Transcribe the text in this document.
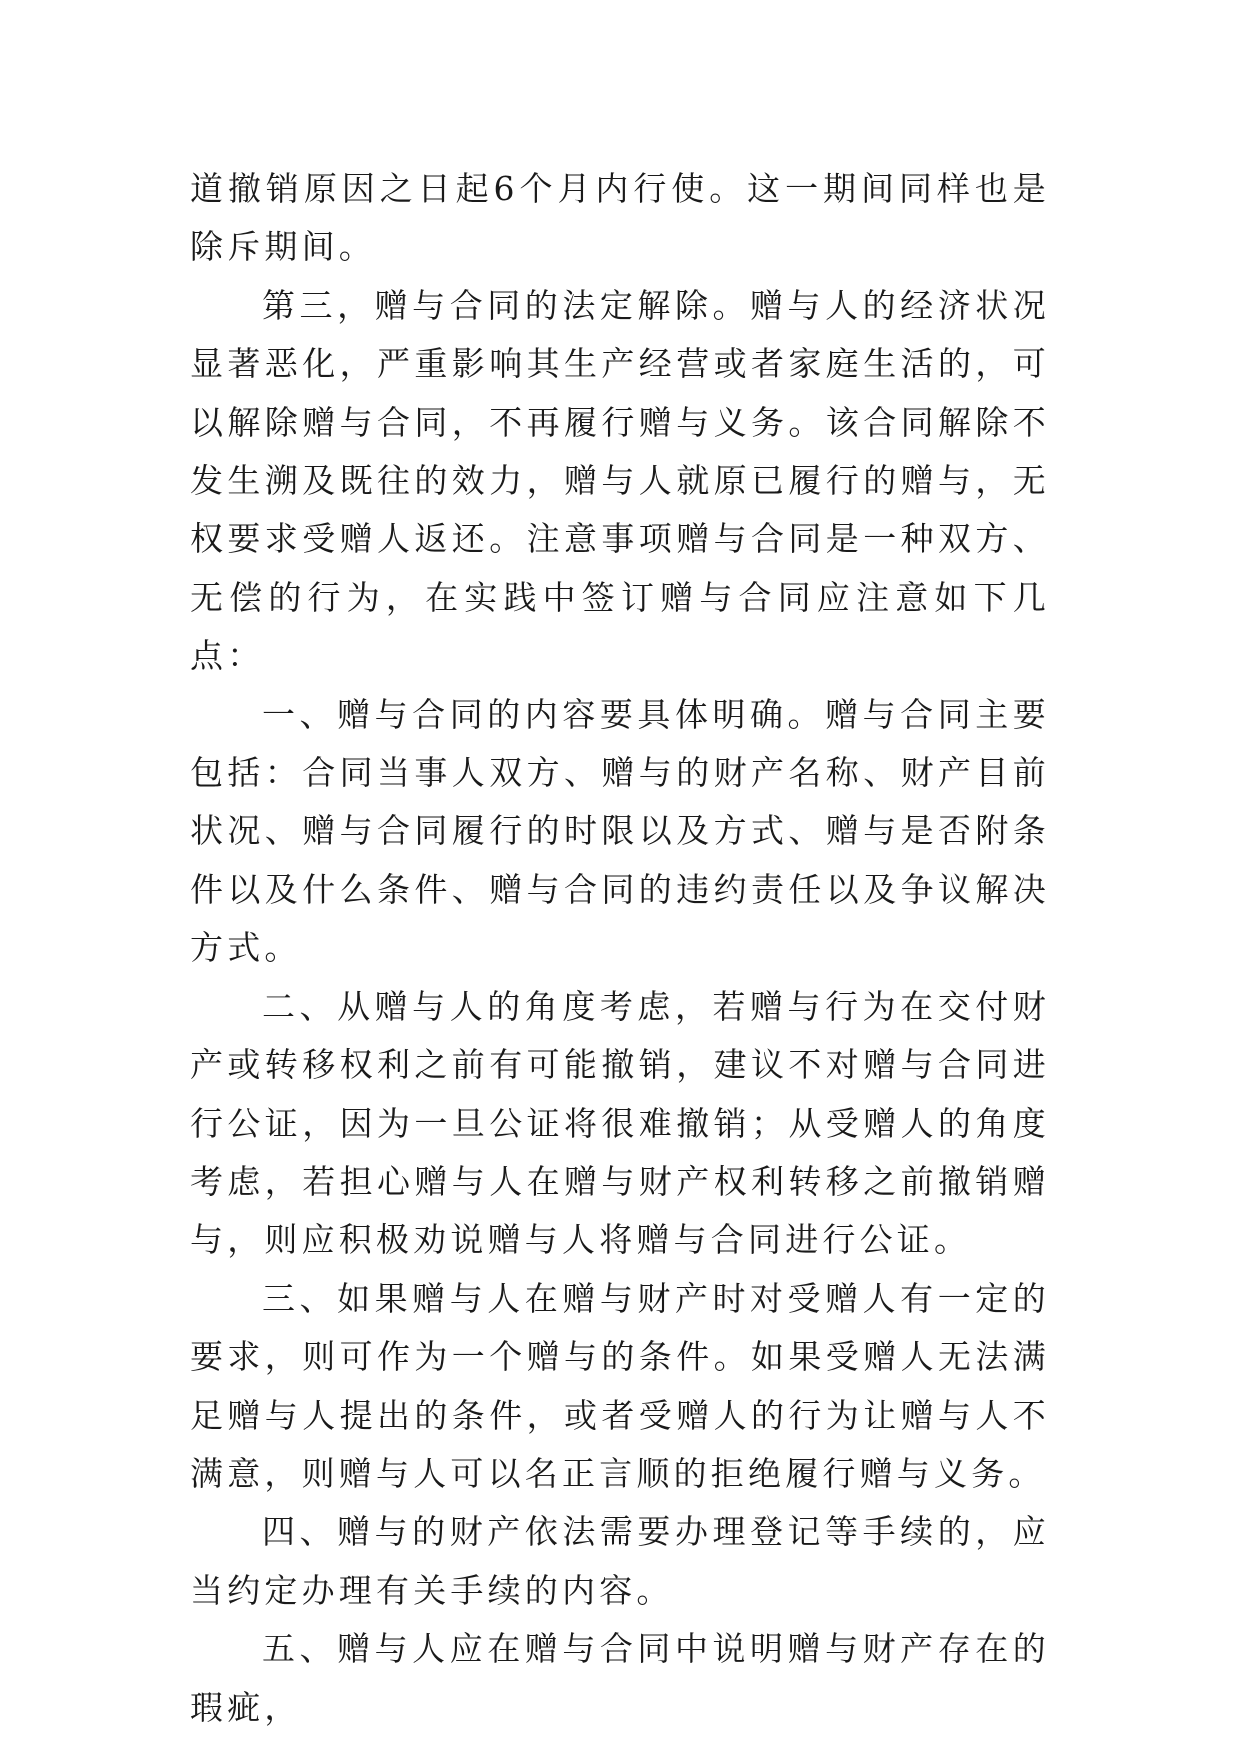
道撤销原因之日起6个月内行使。这一期间同样也是除斥期间。

第三，赠与合同的法定解除。赠与人的经济状况显著恶化，严重影响其生产经营或者家庭生活的，可以解除赠与合同，不再履行赠与义务。该合同解除不发生溯及既往的效力，赠与人就原已履行的赠与，无权要求受赠人返还。注意事项赠与合同是一种双方、无偿的行为，在实践中签订赠与合同应注意如下几点：

一、赠与合同的内容要具体明确。赠与合同主要包括：合同当事人双方、赠与的财产名称、财产目前状况、赠与合同履行的时限以及方式、赠与是否附条件以及什么条件、赠与合同的违约责任以及争议解决方式。

二、从赠与人的角度考虑，若赠与行为在交付财产或转移权利之前有可能撤销，建议不对赠与合同进行公证，因为一旦公证将很难撤销；从受赠人的角度考虑，若担心赠与人在赠与财产权利转移之前撤销赠与，则应积极劝说赠与人将赠与合同进行公证。

三、如果赠与人在赠与财产时对受赠人有一定的要求，则可作为一个赠与的条件。如果受赠人无法满足赠与人提出的条件，或者受赠人的行为让赠与人不满意，则赠与人可以名正言顺的拒绝履行赠与义务。

四、赠与的财产依法需要办理登记等手续的，应当约定办理有关手续的内容。

五、赠与人应在赠与合同中说明赠与财产存在的瑕疵，
